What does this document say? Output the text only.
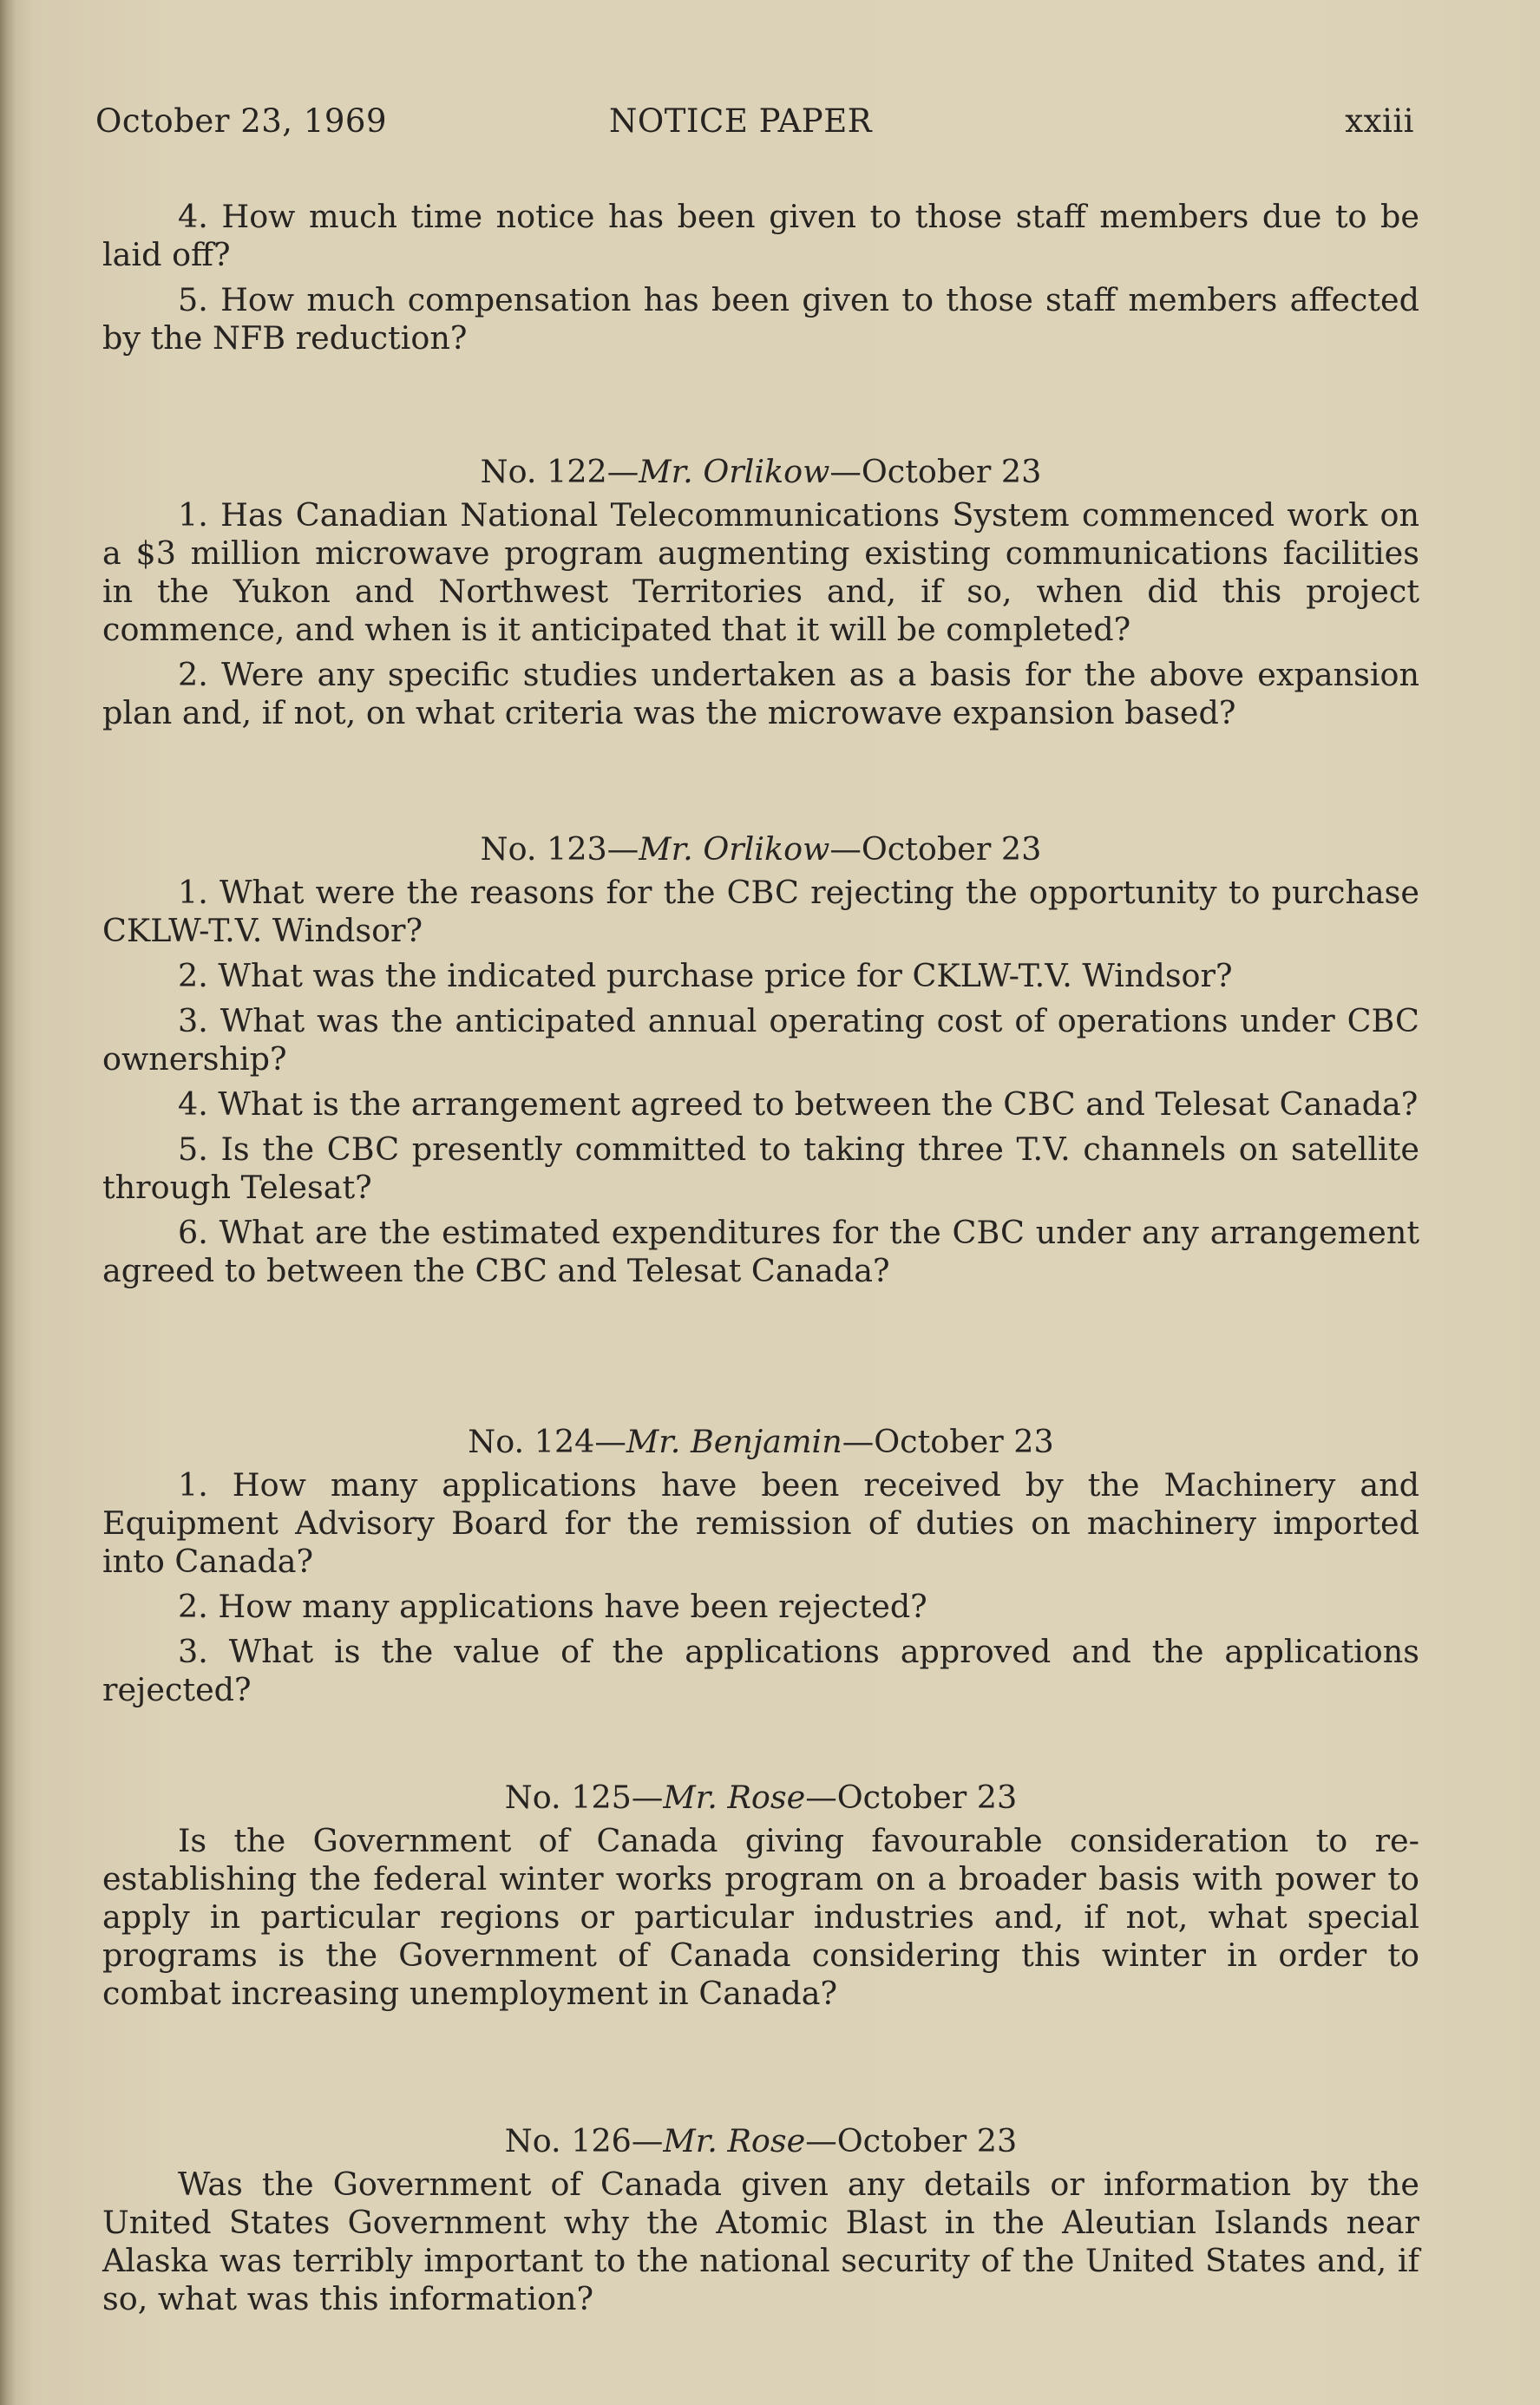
October 23, 1969	NOTICE PAPER	xxiii

4. How much time notice has been given to those staff members due to be laid off?

5. How much compensation has been given to those staff members affected by the NFB reduction?

No. 122—Mr. Orlikow—October 23

1. Has Canadian National Telecommunications System commenced work on a $3 million microwave program augmenting existing communications facilities in the Yukon and Northwest Territories and, if so, when did this project commence, and when is it anticipated that it will be completed?

2. Were any specific studies undertaken as a basis for the above expansion plan and, if not, on what criteria was the microwave expansion based?

No. 123—Mr. Orlikow—October 23

1. What were the reasons for the CBC rejecting the opportunity to purchase CKLW-T.V. Windsor?

2. What was the indicated purchase price for CKLW-T.V. Windsor?

3. What was the anticipated annual operating cost of operations under CBC ownership?

4. What is the arrangement agreed to between the CBC and Telesat Canada?

5. Is the CBC presently committed to taking three T.V. channels on satellite through Telesat?

6. What are the estimated expenditures for the CBC under any arrangement agreed to between the CBC and Telesat Canada?

No. 124—Mr. Benjamin—October 23

1. How many applications have been received by the Machinery and Equipment Advisory Board for the remission of duties on machinery imported into Canada?

2. How many applications have been rejected?

3. What is the value of the applications approved and the applications rejected?

No. 125—Mr. Rose—October 23

Is the Government of Canada giving favourable consideration to re-establishing the federal winter works program on a broader basis with power to apply in particular regions or particular industries and, if not, what special programs is the Government of Canada considering this winter in order to combat increasing unemployment in Canada?

No. 126—Mr. Rose—October 23

Was the Government of Canada given any details or information by the United States Government why the Atomic Blast in the Aleutian Islands near Alaska was terribly important to the national security of the United States and, if so, what was this information?
